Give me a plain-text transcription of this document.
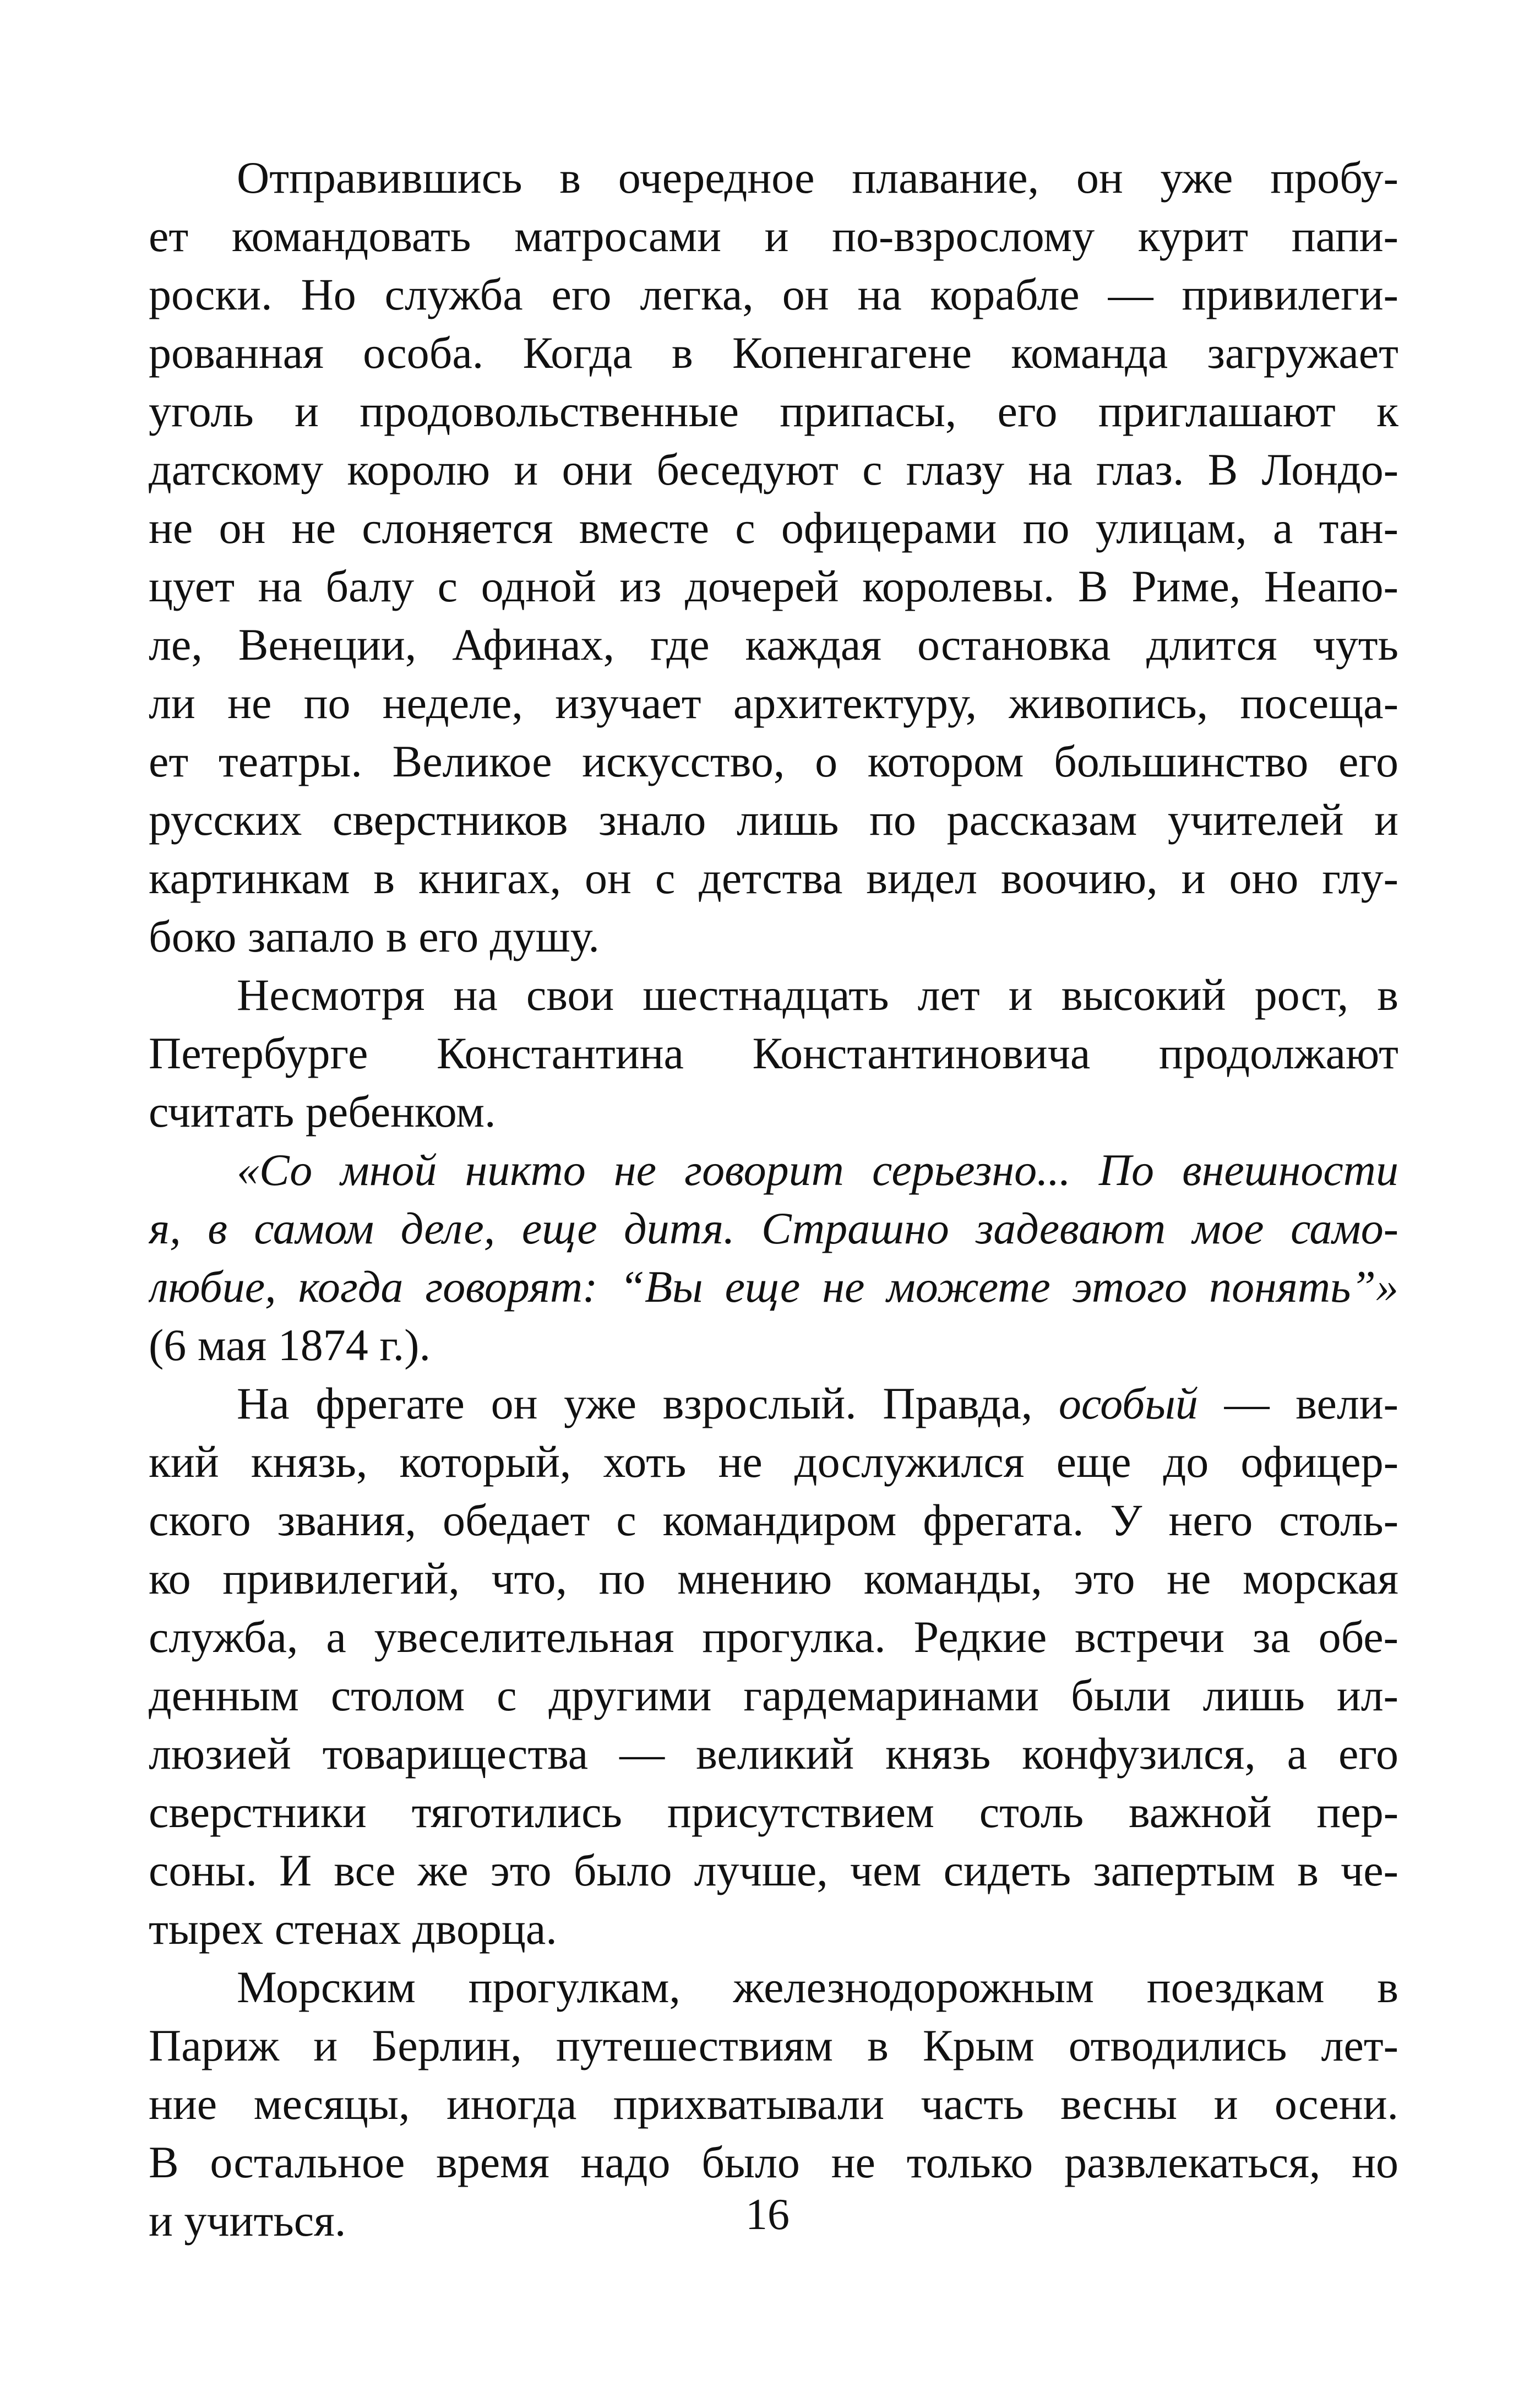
Отправившись в очередное плавание, он уже пробу-
ет командовать матросами и по-взрослому курит папи-
роски. Но служба его легка, он на корабле — привилеги-
рованная особа. Когда в Копенгагене команда загружает
уголь и продовольственные припасы, его приглашают к
датскому королю и они беседуют с глазу на глаз. В Лондо-
не он не слоняется вместе с офицерами по улицам, а тан-
цует на балу с одной из дочерей королевы. В Риме, Неапо-
ле, Венеции, Афинах, где каждая остановка длится чуть
ли не по неделе, изучает архитектуру, живопись, посеща-
ет театры. Великое искусство, о котором большинство его
русских сверстников знало лишь по рассказам учителей и
картинкам в книгах, он с детства видел воочию, и оно глу-
боко запало в его душу.
Несмотря на свои шестнадцать лет и высокий рост, в
Петербурге Константина Константиновича продолжают
считать ребенком.
«Со мной никто не говорит серьезно... По внешности
я, в самом деле, еще дитя. Страшно задевают мое само-
любие, когда говорят: “Вы еще не можете этого понять”»
(6 мая 1874 г.).
На фрегате он уже взрослый. Правда, особый — вели-
кий князь, который, хоть не дослужился еще до офицер-
ского звания, обедает с командиром фрегата. У него столь-
ко привилегий, что, по мнению команды, это не морская
служба, а увеселительная прогулка. Редкие встречи за обе-
денным столом с другими гардемаринами были лишь ил-
люзией товарищества — великий князь конфузился, а его
сверстники тяготились присутствием столь важной пер-
соны. И все же это было лучше, чем сидеть запертым в че-
тырех стенах дворца.
Морским прогулкам, железнодорожным поездкам в
Париж и Берлин, путешествиям в Крым отводились лет-
ние месяцы, иногда прихватывали часть весны и осени.
В остальное время надо было не только развлекаться, но
и учиться.	16
